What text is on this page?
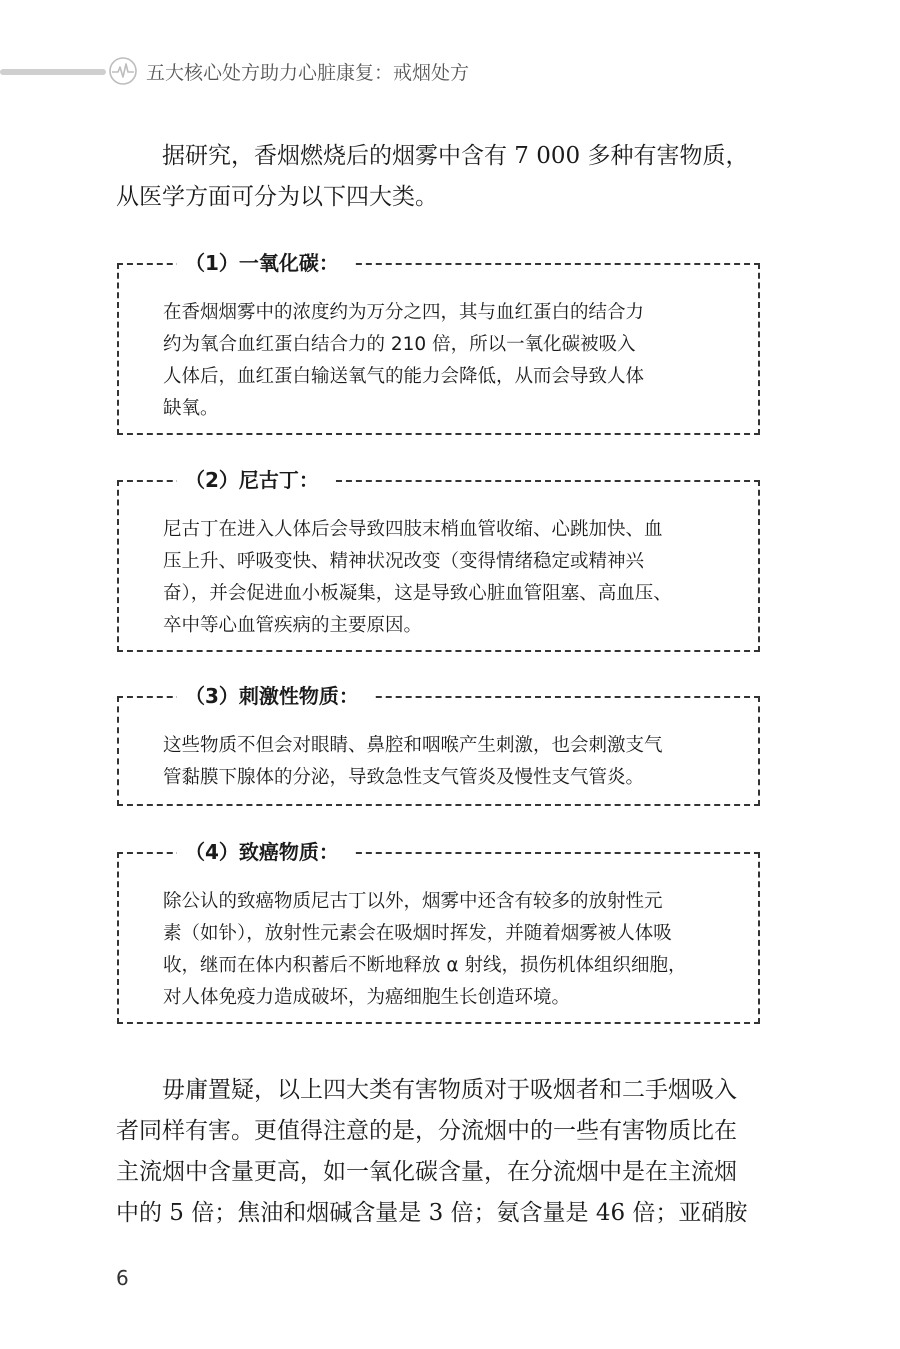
五大核心处方助力心脏康复：戒烟处方

据研究，香烟燃烧后的烟雾中含有 7 000 多种有害物质，
从医学方面可分为以下四大类。

（1）一氧化碳：

在香烟烟雾中的浓度约为万分之四，其与血红蛋白的结合力
约为氧合血红蛋白结合力的 210 倍，所以一氧化碳被吸入
人体后，血红蛋白输送氧气的能力会降低，从而会导致人体
缺氧。

（2）尼古丁：

尼古丁在进入人体后会导致四肢末梢血管收缩、心跳加快、血
压上升、呼吸变快、精神状况改变（变得情绪稳定或精神兴
奋），并会促进血小板凝集，这是导致心脏血管阻塞、高血压、
卒中等心血管疾病的主要原因。

（3）刺激性物质：

这些物质不但会对眼睛、鼻腔和咽喉产生刺激，也会刺激支气
管黏膜下腺体的分泌，导致急性支气管炎及慢性支气管炎。

（4）致癌物质：

除公认的致癌物质尼古丁以外，烟雾中还含有较多的放射性元
素（如钋），放射性元素会在吸烟时挥发，并随着烟雾被人体吸
收，继而在体内积蓄后不断地释放 α 射线，损伤机体组织细胞，
对人体免疫力造成破坏，为癌细胞生长创造环境。

毋庸置疑，以上四大类有害物质对于吸烟者和二手烟吸入
者同样有害。更值得注意的是，分流烟中的一些有害物质比在
主流烟中含量更高，如一氧化碳含量，在分流烟中是在主流烟
中的 5 倍；焦油和烟碱含量是 3 倍；氨含量是 46 倍；亚硝胺

6
